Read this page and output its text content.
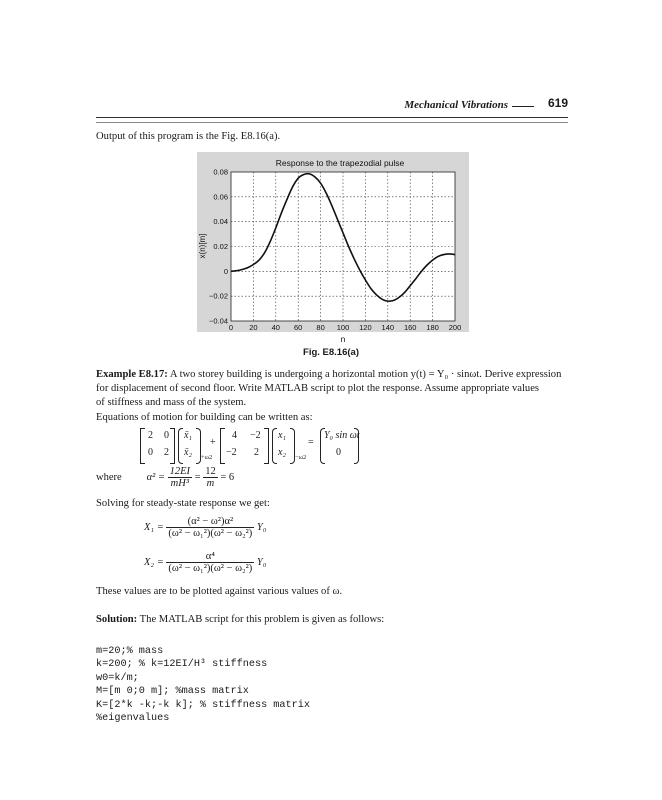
Mechanical Vibrations	619
Output of this program is the Fig. E8.16(a).
Response to the trapezodial pulse
0 20 40 60 80 100 120 140 160 180 200
0.08
0.06
0.04
0.02
0
−0.02
−0.04
n
x(n)[m]
Fig. E8.16(a)
Example E8.17: A two storey building is undergoing a horizontal motion y(t) = Y₀ · sinωt. Derive expression
for displacement of second floor. Write MATLAB script to plot the response. Assume appropriate values
of stiffness and mass of the system.
Equations of motion for building can be written as:
2 0
0 2
ẍ₁
ẍ₂ +ω2
4 −2
−2 2
x₁
x₂ −ω2
=
Y₀ sin ωt
0
+
where $\alpha^2 = \frac{12EI}{\text{mH³}} = \frac{12}{m} = 6$
Solving for steady-state response we get:
$X_1 = \frac{\text{(α² − ω²)α²}}{\text{(ω² − ω₁²)(ω² − ω₂²)}} Y_0$
$X_2 = \frac{\text{α⁴}}{\text{(ω² − ω₁²)(ω² − ω₂²)}} Y_0$
These values are to be plotted against various values of ω.
Solution: The MATLAB script for this problem is given as follows:
m=20;% mass
k=200; % k=12EI/H³ stiffness
w0=k/m;
M=[m 0;0 m]; %mass matrix
K=[2*k -k;-k k]; % stiffness matrix
%eigenvalues
